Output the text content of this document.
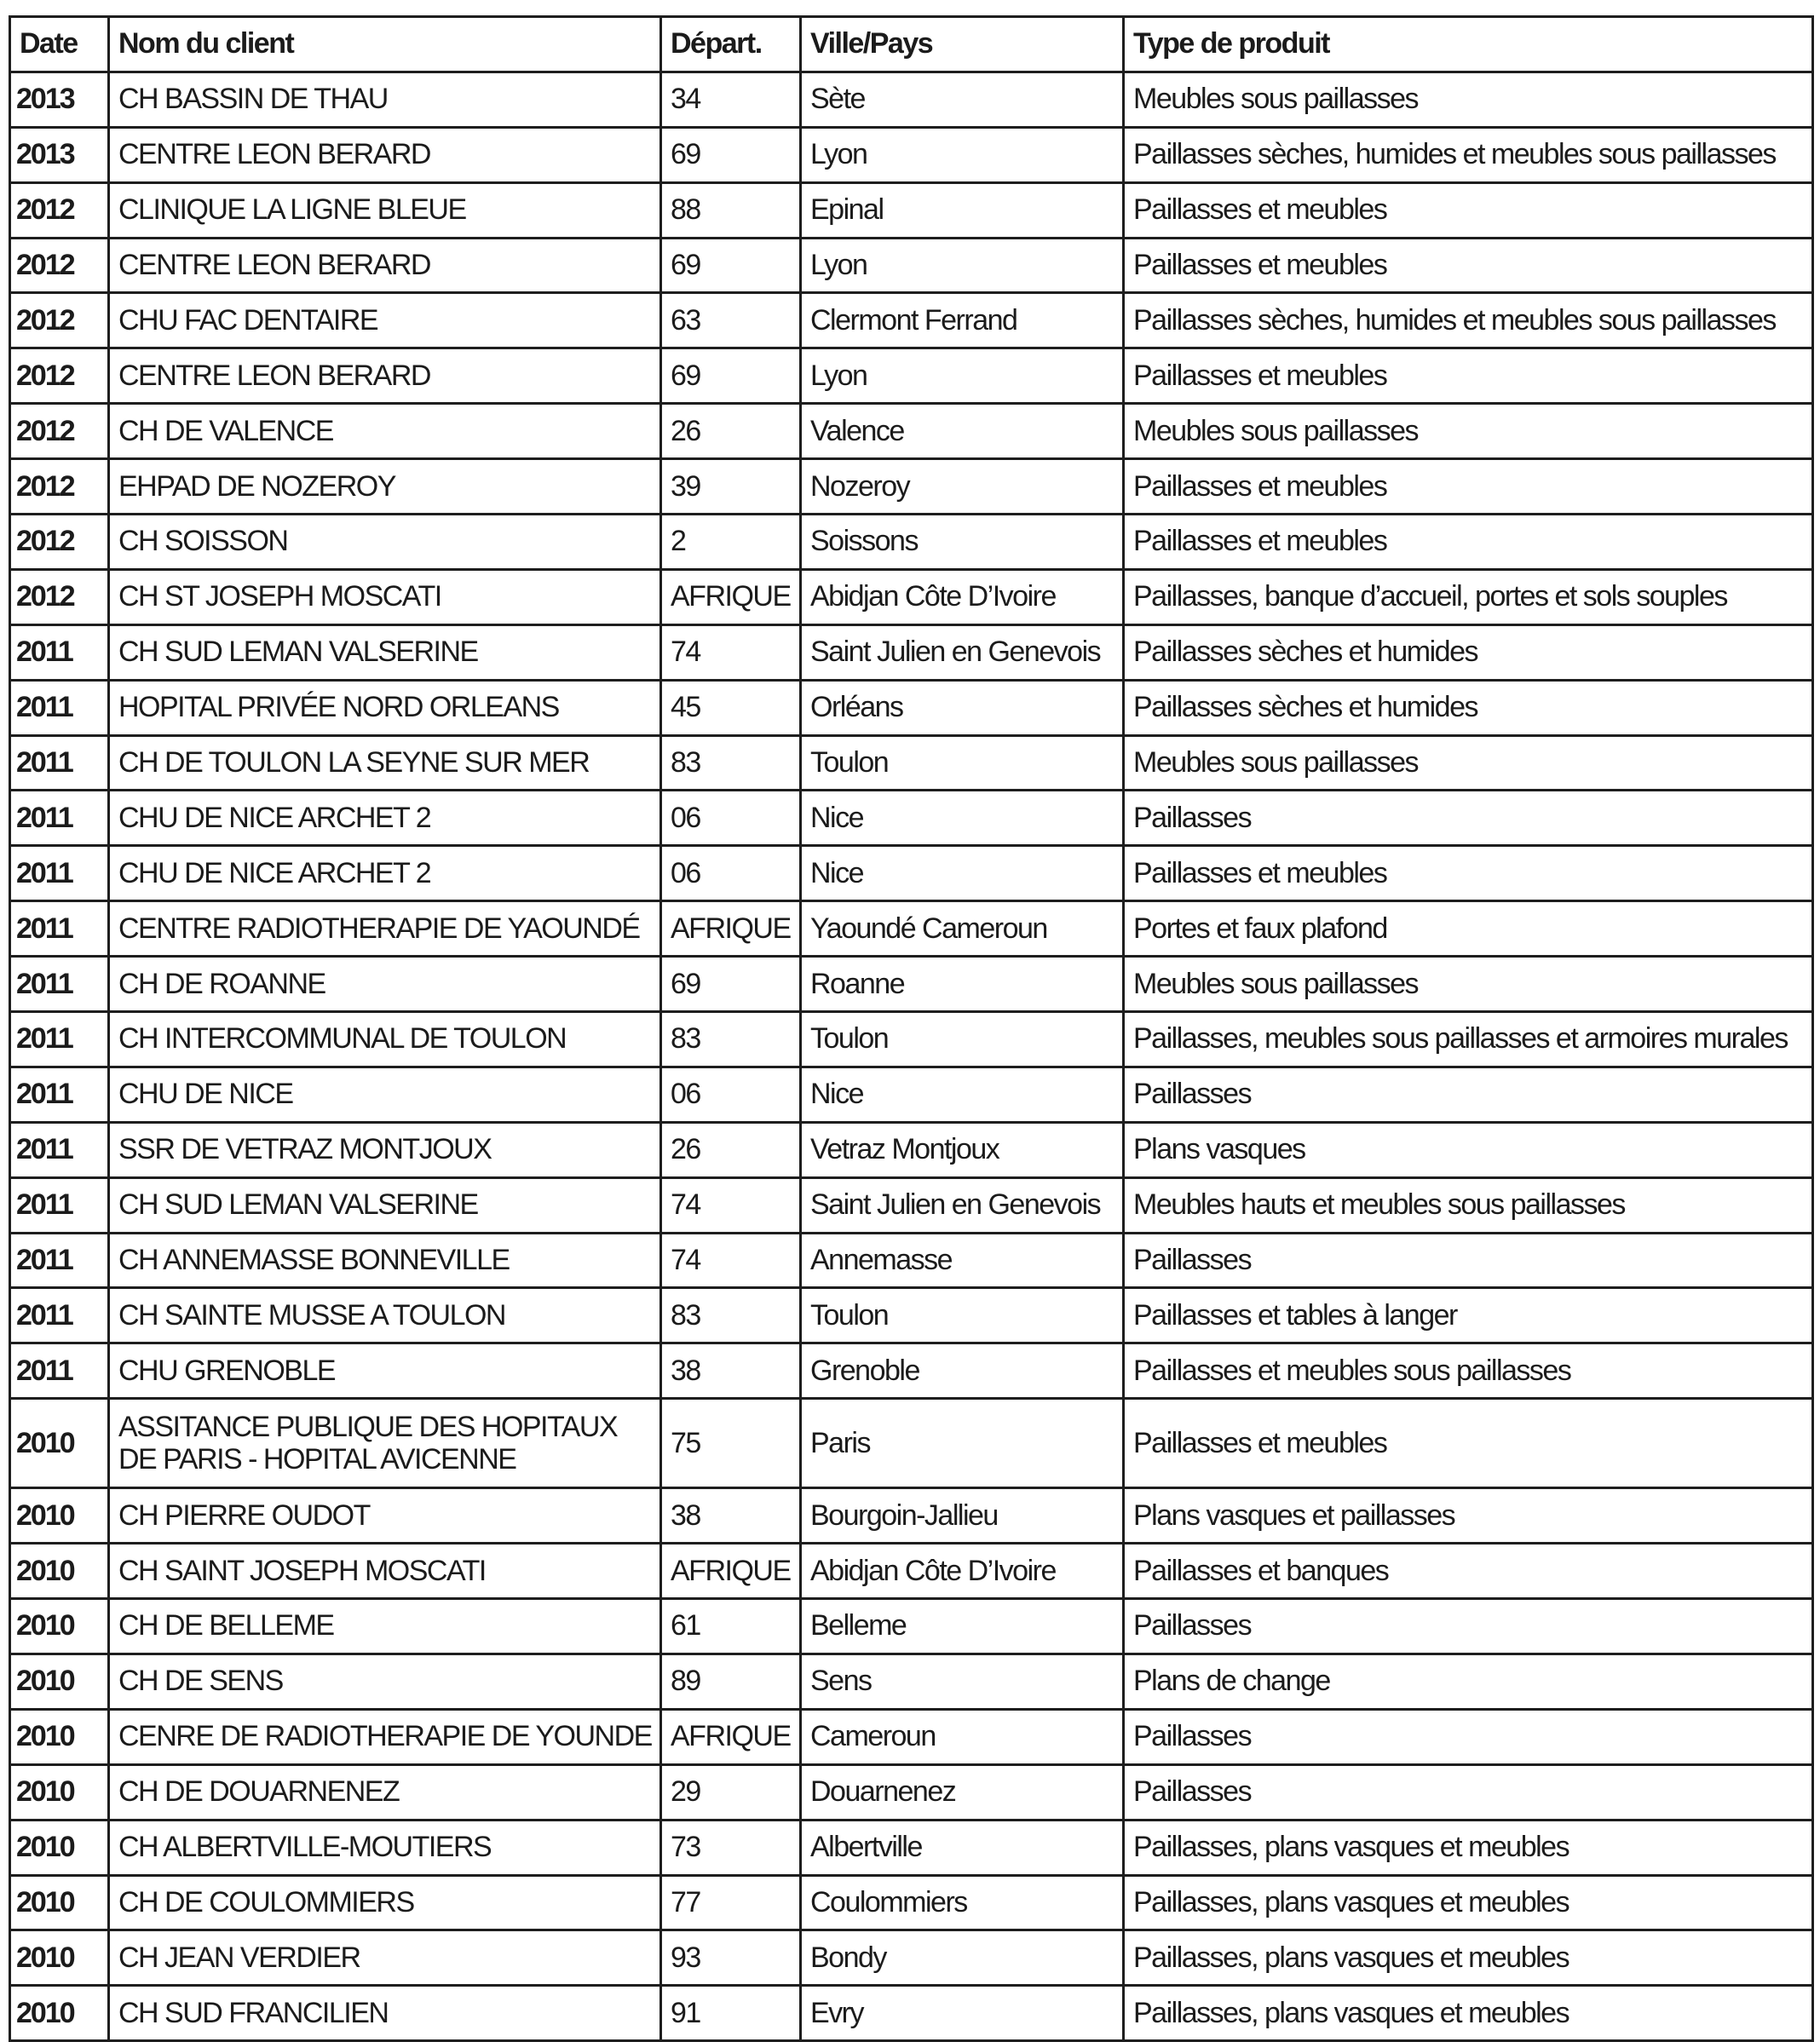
Date	Nom du client	Départ.	Ville/Pays	Type de produit
2013	CH BASSIN DE THAU	34	Sète	Meubles sous paillasses
2013	CENTRE LEON BERARD	69	Lyon	Paillasses sèches, humides et meubles sous paillasses
2012	CLINIQUE LA LIGNE BLEUE	88	Epinal	Paillasses et meubles
2012	CENTRE LEON BERARD	69	Lyon	Paillasses et meubles
2012	CHU FAC DENTAIRE	63	Clermont Ferrand	Paillasses sèches, humides et meubles sous paillasses
2012	CENTRE LEON BERARD	69	Lyon	Paillasses et meubles
2012	CH DE VALENCE	26	Valence	Meubles sous paillasses
2012	EHPAD DE NOZEROY	39	Nozeroy	Paillasses et meubles
2012	CH SOISSON	2	Soissons	Paillasses et meubles
2012	CH ST JOSEPH MOSCATI	AFRIQUE	Abidjan Côte D’Ivoire	Paillasses, banque d’accueil, portes et sols souples
2011	CH SUD LEMAN VALSERINE	74	Saint Julien en Genevois	Paillasses sèches et humides
2011	HOPITAL PRIVÉE NORD ORLEANS	45	Orléans	Paillasses sèches et humides
2011	CH DE TOULON LA SEYNE SUR MER	83	Toulon	Meubles sous paillasses
2011	CHU DE NICE ARCHET 2	06	Nice	Paillasses
2011	CHU DE NICE ARCHET 2	06	Nice	Paillasses et meubles
2011	CENTRE RADIOTHERAPIE DE YAOUNDÉ	AFRIQUE	Yaoundé Cameroun	Portes et faux plafond
2011	CH DE ROANNE	69	Roanne	Meubles sous paillasses
2011	CH INTERCOMMUNAL DE TOULON	83	Toulon	Paillasses, meubles sous paillasses et armoires murales
2011	CHU DE NICE	06	Nice	Paillasses
2011	SSR DE VETRAZ MONTJOUX	26	Vetraz Montjoux	Plans vasques
2011	CH SUD LEMAN VALSERINE	74	Saint Julien en Genevois	Meubles hauts et meubles sous paillasses
2011	CH ANNEMASSE BONNEVILLE	74	Annemasse	Paillasses
2011	CH SAINTE MUSSE A TOULON	83	Toulon	Paillasses et tables à langer
2011	CHU GRENOBLE	38	Grenoble	Paillasses et meubles sous paillasses
2010	ASSITANCE PUBLIQUE DES HOPITAUX DE PARIS - HOPITAL AVICENNE	75	Paris	Paillasses et meubles
2010	CH PIERRE OUDOT	38	Bourgoin-Jallieu	Plans vasques et paillasses
2010	CH SAINT JOSEPH MOSCATI	AFRIQUE	Abidjan Côte D’Ivoire	Paillasses et banques
2010	CH DE BELLEME	61	Belleme	Paillasses
2010	CH DE SENS	89	Sens	Plans de change
2010	CENRE DE RADIOTHERAPIE DE YOUNDE	AFRIQUE	Cameroun	Paillasses
2010	CH DE DOUARNENEZ	29	Douarnenez	Paillasses
2010	CH ALBERTVILLE-MOUTIERS	73	Albertville	Paillasses, plans vasques et meubles
2010	CH DE COULOMMIERS	77	Coulommiers	Paillasses, plans vasques et meubles
2010	CH JEAN VERDIER	93	Bondy	Paillasses, plans vasques et meubles
2010	CH SUD FRANCILIEN	91	Evry	Paillasses, plans vasques et meubles
